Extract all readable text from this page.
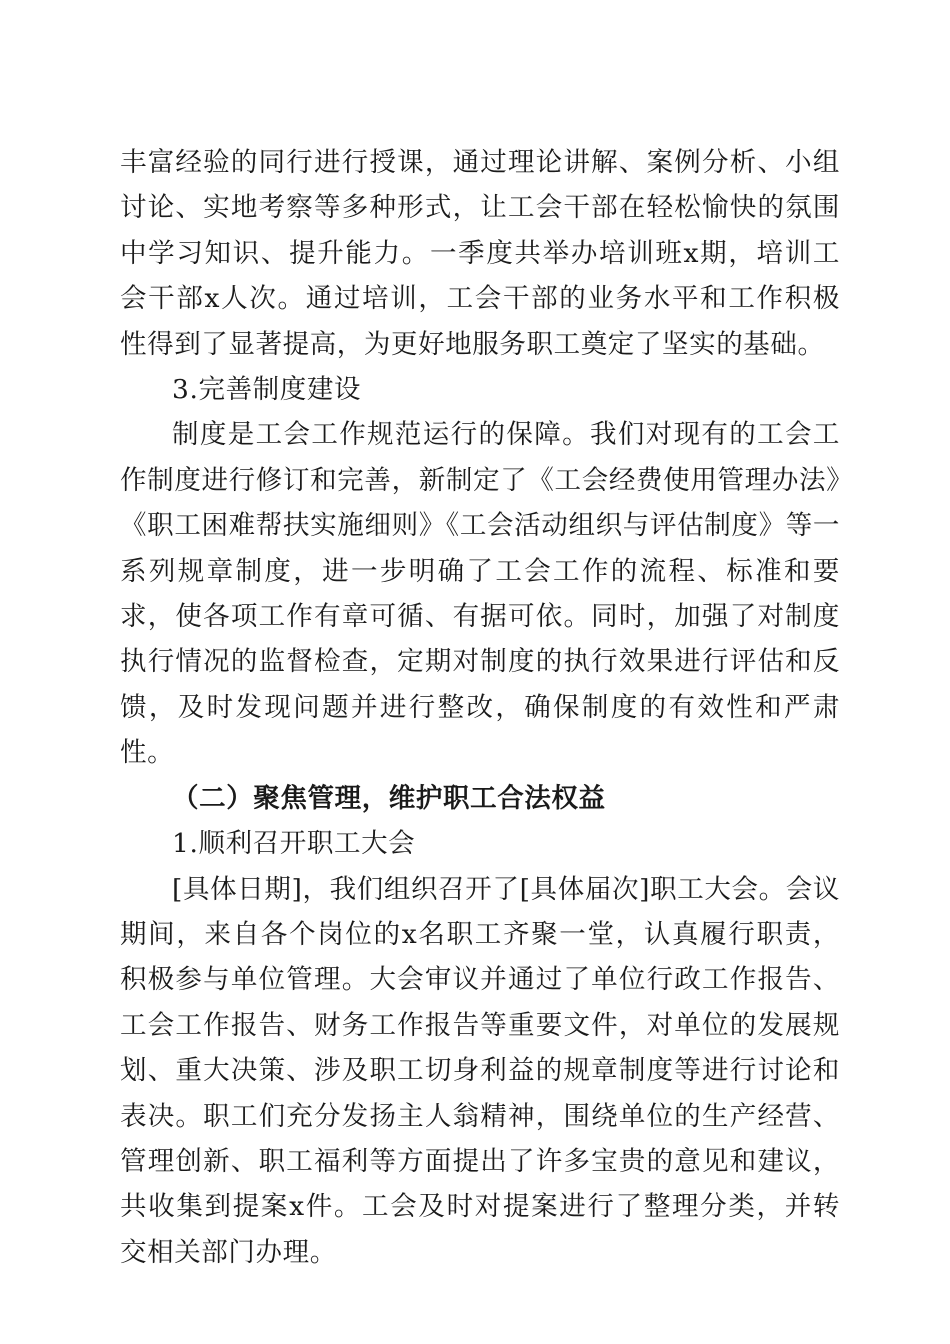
丰富经验的同行进行授课，通过理论讲解、案例分析、小组讨论、实地考察等多种形式，让工会干部在轻松愉快的氛围中学习知识、提升能力。一季度共举办培训班x期，培训工会干部x人次。通过培训，工会干部的业务水平和工作积极性得到了显著提高，为更好地服务职工奠定了坚实的基础。

3.完善制度建设

制度是工会工作规范运行的保障。我们对现有的工会工作制度进行修订和完善，新制定了《工会经费使用管理办法》《职工困难帮扶实施细则》《工会活动组织与评估制度》等一系列规章制度，进一步明确了工会工作的流程、标准和要求，使各项工作有章可循、有据可依。同时，加强了对制度执行情况的监督检查，定期对制度的执行效果进行评估和反馈，及时发现问题并进行整改，确保制度的有效性和严肃性。

（二）聚焦管理，维护职工合法权益

1.顺利召开职工大会

[具体日期]，我们组织召开了[具体届次]职工大会。会议期间，来自各个岗位的x名职工齐聚一堂，认真履行职责，积极参与单位管理。大会审议并通过了单位行政工作报告、工会工作报告、财务工作报告等重要文件，对单位的发展规划、重大决策、涉及职工切身利益的规章制度等进行讨论和表决。职工们充分发扬主人翁精神，围绕单位的生产经营、管理创新、职工福利等方面提出了许多宝贵的意见和建议，共收集到提案x件。工会及时对提案进行了整理分类，并转交相关部门办理。
